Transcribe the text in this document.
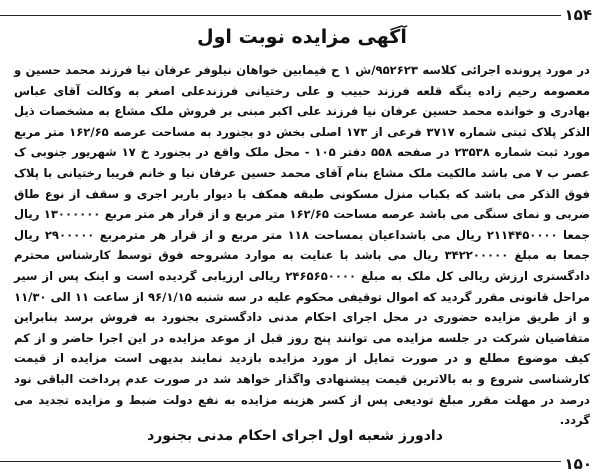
۱۵۴
آگهی مزایده نوبت اول

در مورد پرونده اجرائی کلاسه ۹۵۲۶۲۳/ش ۱ ح فیمابین خواهان نیلوفر عرفان نیا فرزند محمد حسین و معصومه رحیم زاده ینگه قلعه فرزند حبیب و علی رختیانی فرزندعلی اصغر به وکالت آقای عباس بهادری و خوانده محمد حسین عرفان نیا فرزند علی اکبر مبنی بر فروش ملک مشاع به مشخصات ذیل الذکر پلاک ثبتی شماره ۳۷۱۷ فرعی از ۱۷۳ اصلی بخش دو بجنورد به مساحت عرصه ۱۶۲/۶۵ متر مربع مورد ثبت شماره ۲۳۵۳۸ در صفحه ۵۵۸ دفتر ۱۰۵ - محل ملک واقع در بجنورد خ ۱۷ شهریور جنوبی ک عصر ب ۷ می باشد مالکیت ملک مشاع بنام آقای محمد حسین عرفان نیا و خانم فریبا رختیانی با پلاک فوق الذکر می باشد که بکباب منزل مسکونی طبقه همکف با دیوار باربر اجری و سقف از نوع طاق ضربی و نمای سنگی می باشد عرصه مساحت ۱۶۲/۶۵ متر مربع و از قرار هر متر مربع ۱۳۰۰۰۰۰۰ ریال جمعا ۲۱۱۴۴۵۰۰۰۰ ریال می باشداعیان بمساحت ۱۱۸ متر مربع و از قرار هر مترمربع ۲۹۰۰۰۰۰ ریال جمعا به مبلغ ۳۴۲۲۰۰۰۰۰ ریال می باشد با عنایت به موارد مشروحه فوق توسط کارشناس محترم دادگستری ارزش ریالی کل ملک به مبلغ ۲۴۶۵۶۵۰۰۰۰ ریالی ارزیابی گردیده است و اینک پس از سیر مراحل قانونی مقرر گردید که اموال توقیفی محکوم علیه در سه شنبه ۹۶/۱/۱۵ از ساعت ۱۱ الی ۱۱/۳۰ و از طریق مزایده حضوری در محل اجرای احکام مدنی دادگستری بجنورد به فروش برسد بنابراین متقاضیان شرکت در جلسه مزایده می توانند پنج روز قبل از موعد مزایده در این اجرا حاضر و از کم کیف موضوع مطلع و در صورت تمایل از مورد مزایده بازدید نمایند بدیهی است مزایده از قیمت کارشناسی شروع و به بالاترین قیمت پیشنهادی واگذار خواهد شد در صورت عدم پرداخت الباقی نود درصد در مهلت مقرر مبلغ تودیعی پس از کسر هزینه مزایده به نفع دولت ضبط و مزایده تجدید می گردد.

دادورز شعبه اول اجرای احکام مدنی بجنورد
۱۵۰
